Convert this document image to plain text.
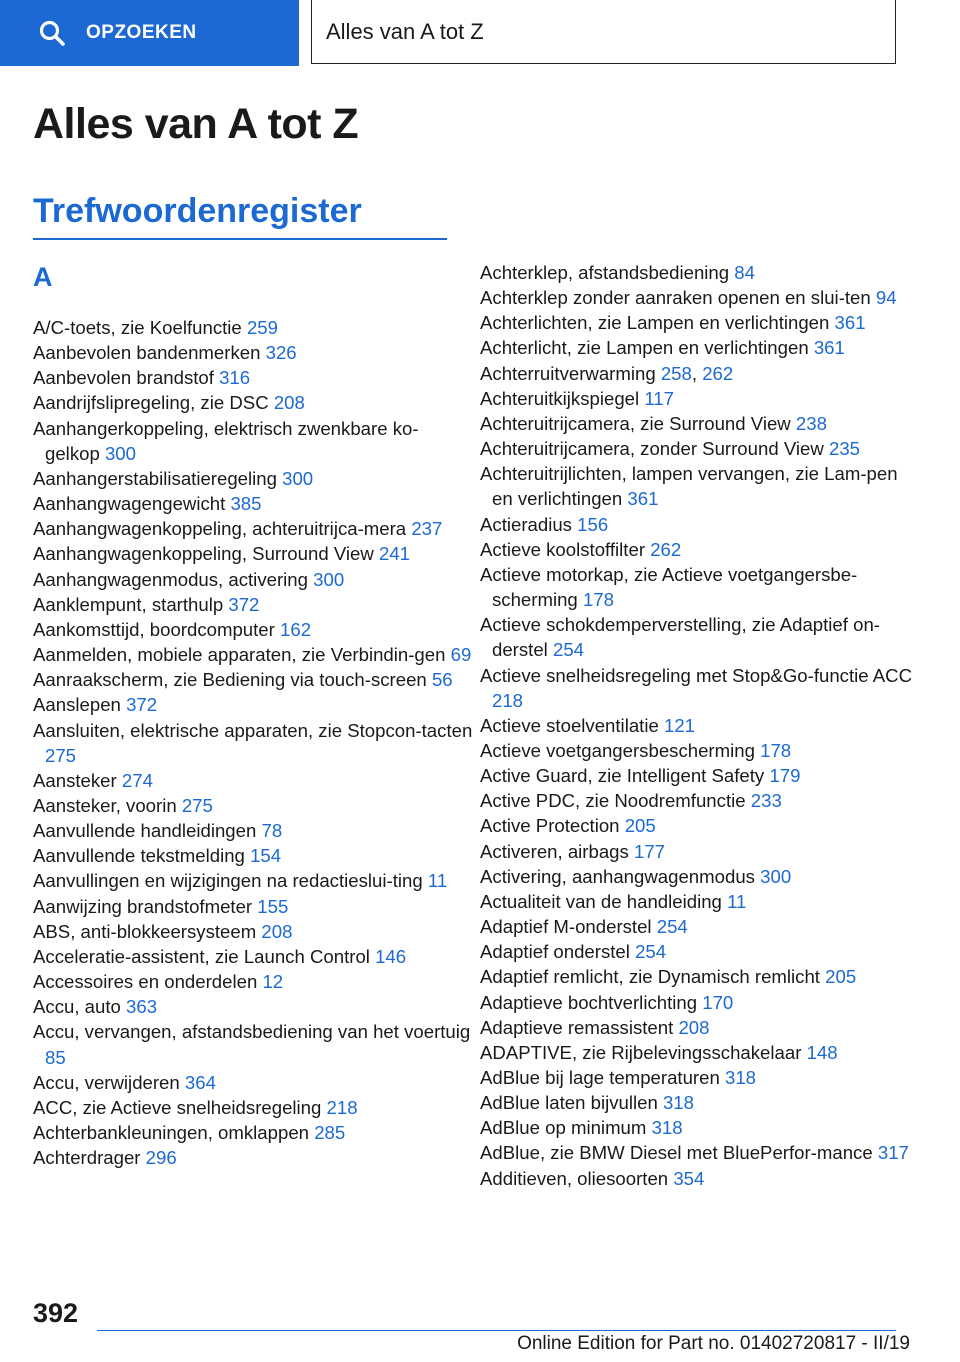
OPZOEKEN	Alles van A tot Z
Alles van A tot Z
Trefwoordenregister
A
A/C-toets, zie Koelfunctie 259
Aanbevolen bandenmerken 326
Aanbevolen brandstof 316
Aandrijfslipregeling, zie DSC 208
Aanhangerkoppeling, elektrisch zwenkbare ko-gelkop 300
Aanhangerstabilisatieregeling 300
Aanhangwagengewicht 385
Aanhangwagenkoppeling, achteruitrijca-mera 237
Aanhangwagenkoppeling, Surround View 241
Aanhangwagenmodus, activering 300
Aanklempunt, starthulp 372
Aankomsttijd, boordcomputer 162
Aanmelden, mobiele apparaten, zie Verbindin-gen 69
Aanraakscherm, zie Bediening via touch-screen 56
Aanslepen 372
Aansluiten, elektrische apparaten, zie Stopcon-tacten 275
Aansteker 274
Aansteker, voorin 275
Aanvullende handleidingen 78
Aanvullende tekstmelding 154
Aanvullingen en wijzigingen na redactieslui-ting 11
Aanwijzing brandstofmeter 155
ABS, anti-blokkeersysteem 208
Acceleratie-assistent, zie Launch Control 146
Accessoires en onderdelen 12
Accu, auto 363
Accu, vervangen, afstandsbediening van het voertuig 85
Accu, verwijderen 364
ACC, zie Actieve snelheidsregeling 218
Achterbankleuningen, omklappen 285
Achterdrager 296
Achterklep, afstandsbediening 84
Achterklep zonder aanraken openen en slui-ten 94
Achterlichten, zie Lampen en verlichtingen 361
Achterlicht, zie Lampen en verlichtingen 361
Achterruitverwarming 258, 262
Achteruitkijkspiegel 117
Achteruitrijcamera, zie Surround View 238
Achteruitrijcamera, zonder Surround View 235
Achteruitrijlichten, lampen vervangen, zie Lam-pen en verlichtingen 361
Actieradius 156
Actieve koolstoffilter 262
Actieve motorkap, zie Actieve voetgangersbe-scherming 178
Actieve schokdemperverstelling, zie Adaptief on-derstel 254
Actieve snelheidsregeling met Stop&Go-functie ACC 218
Actieve stoelventilatie 121
Actieve voetgangersbescherming 178
Active Guard, zie Intelligent Safety 179
Active PDC, zie Noodremfunctie 233
Active Protection 205
Activeren, airbags 177
Activering, aanhangwagenmodus 300
Actualiteit van de handleiding 11
Adaptief M-onderstel 254
Adaptief onderstel 254
Adaptief remlicht, zie Dynamisch remlicht 205
Adaptieve bochtverlichting 170
Adaptieve remassistent 208
ADAPTIVE, zie Rijbelevingsschakelaar 148
AdBlue bij lage temperaturen 318
AdBlue laten bijvullen 318
AdBlue op minimum 318
AdBlue, zie BMW Diesel met BluePerfor-mance 317
Additieven, oliesoorten 354
392
Online Edition for Part no. 01402720817 - II/19
